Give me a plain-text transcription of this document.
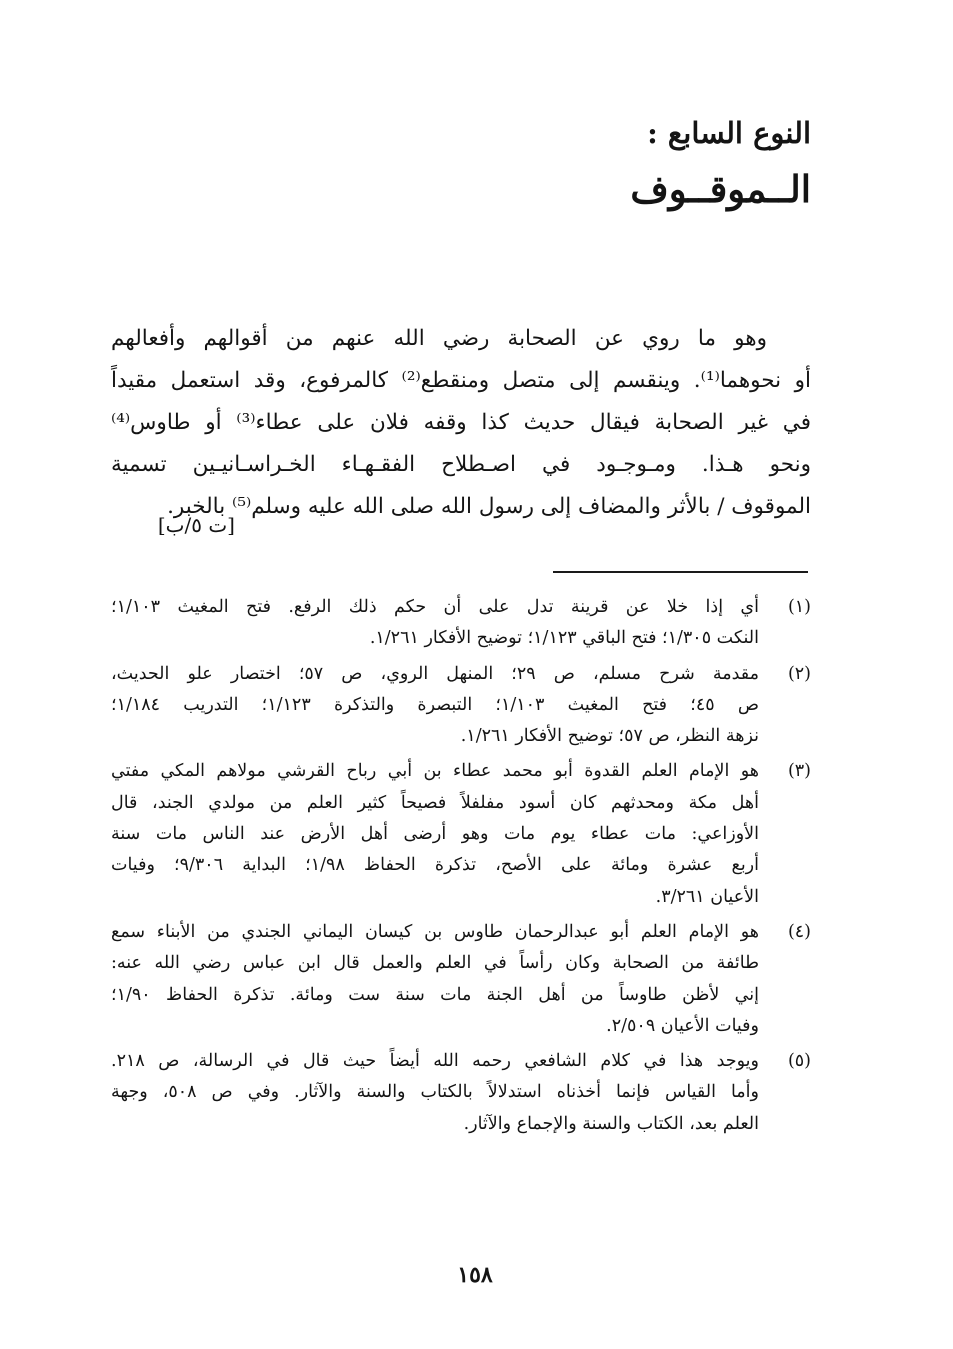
النوع السابع :
الــموقــوف
وهو ما روي عن الصحابة رضي الله عنهم من أقوالهم وأفعالهم
أو نحوهما⁽¹⁾. وينقسم إلى متصل ومنقطع⁽²⁾ كالمرفوع، وقد استعمل مقيداً
في غير الصحابة فيقال حديث كذا وقفه فلان على عطاء⁽³⁾ أو طاوس⁽⁴⁾
ونحو هـذا. ومـوجـود في اصـطلاح الفقـهـاء الخـراسـانيـين تسمية
الموقوف / بالأثر والمضاف إلى رسول الله صلى الله عليه وسلم⁽⁵⁾ بالخبر.
[ت ٥/ب]
(١)
أي إذا خلا عن قرينة تدل على أن حكم ذلك الرفع. فتح المغيث ١/١٠٣؛
النكت ١/٣٠٥؛ فتح الباقي ١/١٢٣؛ توضيح الأفكار ١/٢٦١.
(٢)
مقدمة شرح مسلم، ص ٢٩؛ المنهل الروي، ص ٥٧؛ اختصار علو الحديث،
ص ٤٥؛ فتح المغيث ١/١٠٣؛ التبصرة والتذكرة ١/١٢٣؛ التدريب ١/١٨٤؛
نزهة النظر، ص ٥٧؛ توضيح الأفكار ١/٢٦١.
(٣)
هو الإمام العلم القدوة أبو محمد عطاء بن أبي رباح القرشي مولاهم المكي مفتي
أهل مكة ومحدثهم كان أسود مفلفلاً فصيحاً كثير العلم من مولدي الجند، قال
الأوزاعي: مات عطاء يوم مات وهو أرضى أهل الأرض عند الناس مات سنة
أربع عشرة ومائة على الأصح، تذكرة الحفاظ ١/٩٨؛ البداية ٩/٣٠٦؛ وفيات
الأعيان ٣/٢٦١.
(٤)
هو الإمام العلم أبو عبدالرحمان طاوس بن كيسان اليماني الجندي من الأبناء سمع
طائفة من الصحابة وكان رأساً في العلم والعمل قال ابن عباس رضي الله عنه:
إني لأظن طاوساً من أهل الجنة مات سنة ست ومائة. تذكرة الحفاظ ١/٩٠؛
وفيات الأعيان ٢/٥٠٩.
(٥)
ويوجد هذا في كلام الشافعي رحمه الله أيضاً حيث قال في الرسالة، ص ٢١٨.
وأما القياس فإنما أخذناه استدلالاً بالكتاب والسنة والآثار. وفي ص ٥٠٨، وجهة
العلم بعد، الكتاب والسنة والإجماع والآثار.
١٥٨
